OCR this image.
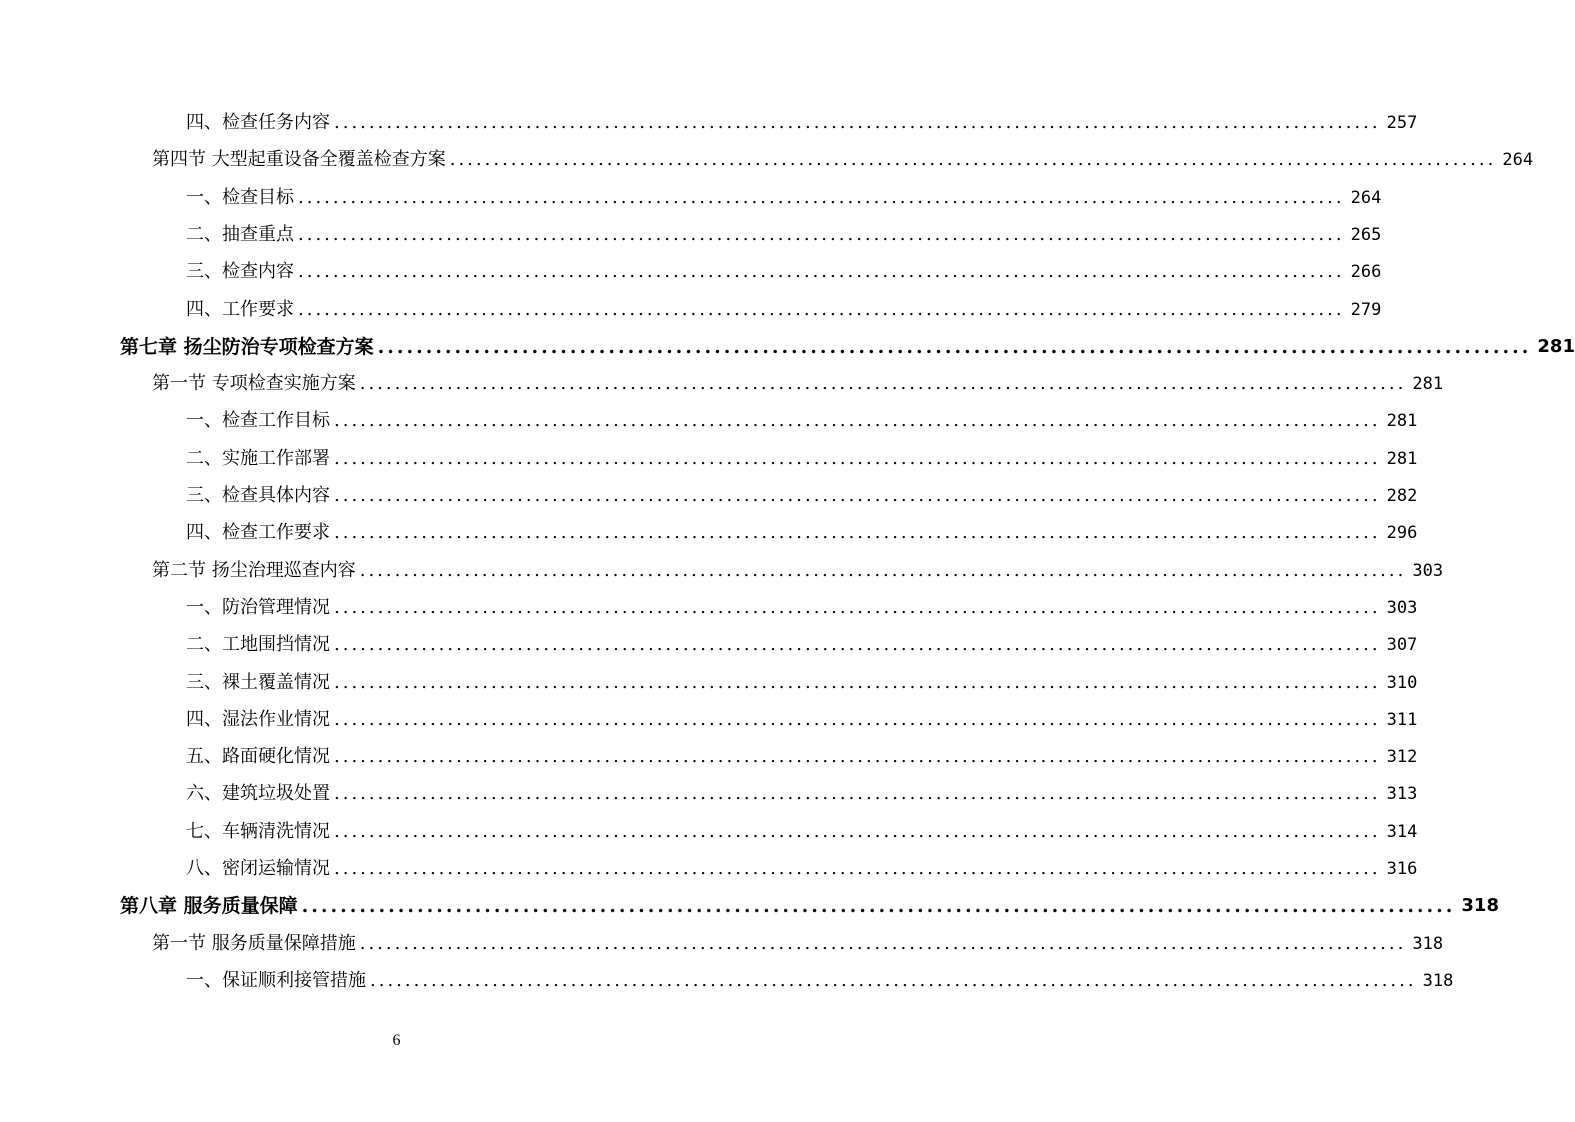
四、检查任务内容 ........................................................................................................................ 257
第四节 大型起重设备全覆盖检查方案 ........................................................................................................................ 264
一、检查目标 ........................................................................................................................ 264
二、抽查重点 ........................................................................................................................ 265
三、检查内容 ........................................................................................................................ 266
四、工作要求 ........................................................................................................................ 279
第七章 扬尘防治专项检查方案 ........................................................................................................................ 281
第一节 专项检查实施方案 ........................................................................................................................ 281
一、检查工作目标 ........................................................................................................................ 281
二、实施工作部署 ........................................................................................................................ 281
三、检查具体内容 ........................................................................................................................ 282
四、检查工作要求 ........................................................................................................................ 296
第二节 扬尘治理巡查内容 ........................................................................................................................ 303
一、防治管理情况 ........................................................................................................................ 303
二、工地围挡情况 ........................................................................................................................ 307
三、裸土覆盖情况 ........................................................................................................................ 310
四、湿法作业情况 ........................................................................................................................ 311
五、路面硬化情况 ........................................................................................................................ 312
六、建筑垃圾处置 ........................................................................................................................ 313
七、车辆清洗情况 ........................................................................................................................ 314
八、密闭运输情况 ........................................................................................................................ 316
第八章 服务质量保障 ........................................................................................................................ 318
第一节 服务质量保障措施 ........................................................................................................................ 318
一、保证顺利接管措施 ........................................................................................................................ 318
6
